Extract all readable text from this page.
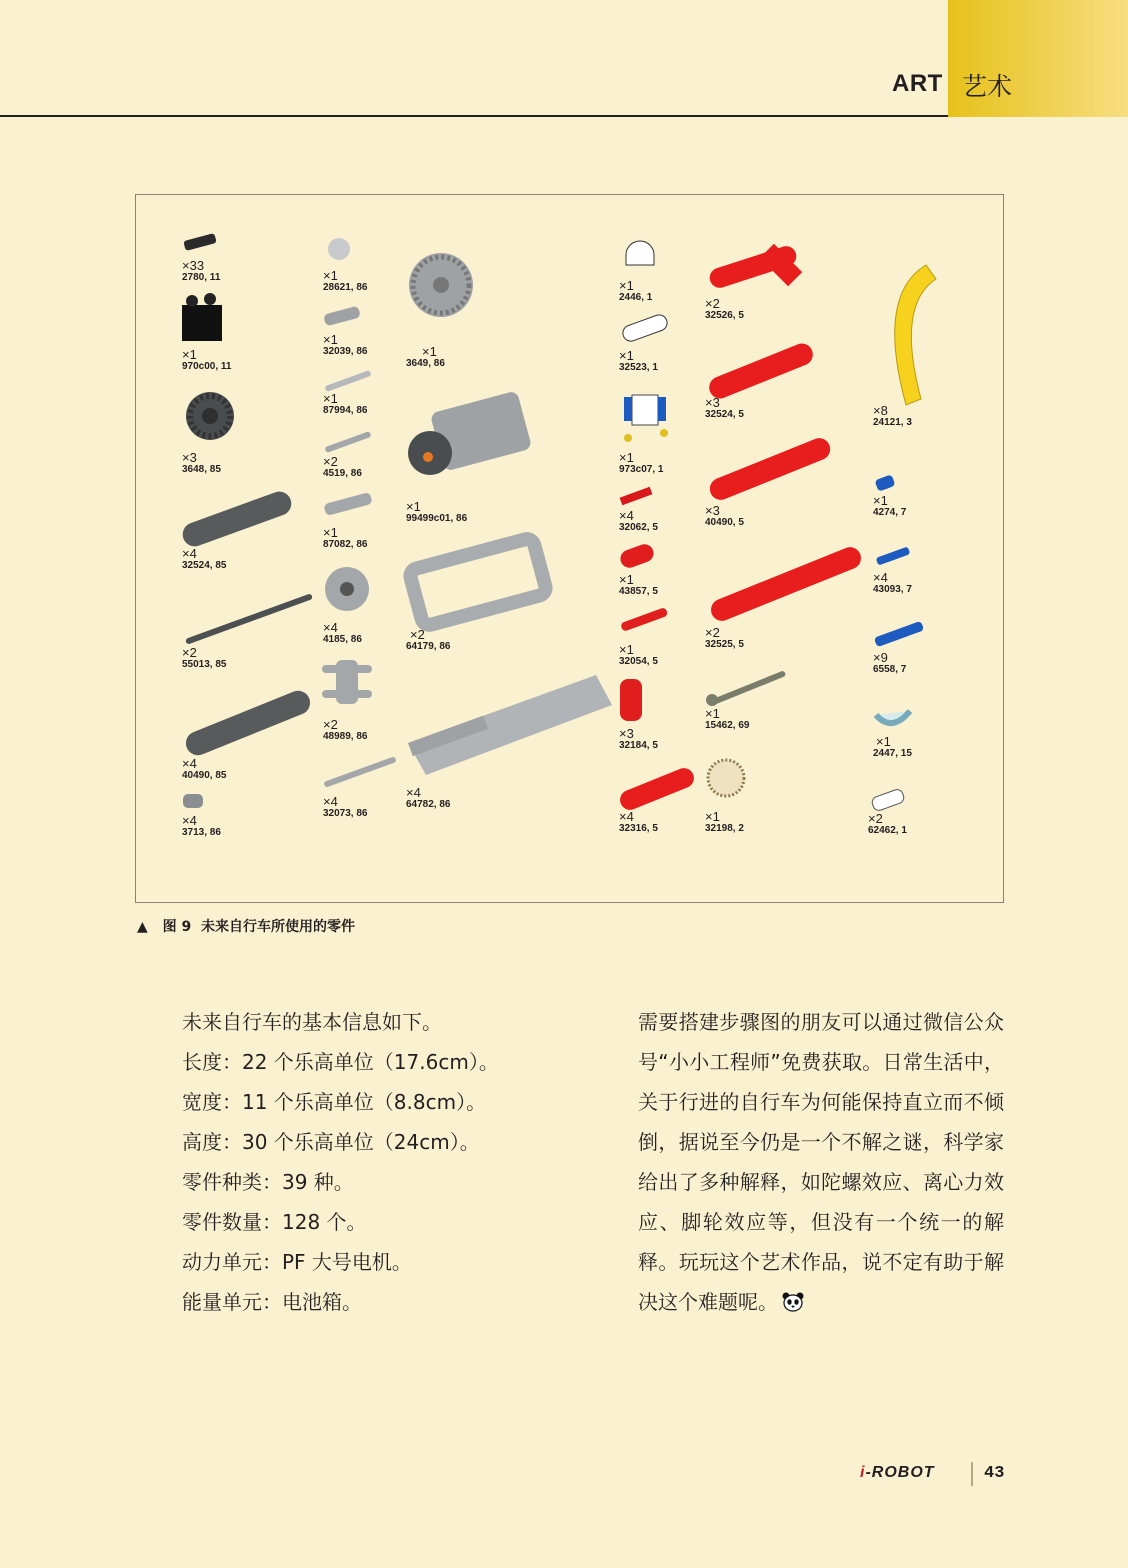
ART 艺术
×33
2780, 11
×1
970c00, 11
×3
3648, 85
×4
32524, 85
×2
55013, 85
×4
40490, 85
×4
3713, 86
×1
28621, 86
×1
32039, 86
×1
87994, 86
×2
4519, 86
×1
87082, 86
×4
4185, 86
×2
48989, 86
×4
32073, 86
×1
3649, 86
×1
99499c01, 86
×2
64179, 86
×4
64782, 86
×1
2446, 1
×1
32523, 1
×1
973c07, 1
×4
32062, 5
×1
43857, 5
×1
32054, 5
×3
32184, 5
×4
32316, 5
×2
32526, 5
×3
32524, 5
×3
40490, 5
×2
32525, 5
×1
15462, 69
×1
32198, 2
×8
24121, 3
×1
4274, 7
×4
43093, 7
×9
6558, 7
×1
2447, 15
×2
62462, 1
▲ 图 9 未来自行车所使用的零件
未来自行车的基本信息如下。
长度：22 个乐高单位（17.6cm）。
宽度：11 个乐高单位（8.8cm）。
高度：30 个乐高单位（24cm）。
零件种类：39 种。
零件数量：128 个。
动力单元：PF 大号电机。
能量单元：电池箱。
需要搭建步骤图的朋友可以通过微信公众号“小小工程师”免费获取。日常生活中，关于行进的自行车为何能保持直立而不倾倒，据说至今仍是一个不解之谜，科学家给出了多种解释，如陀螺效应、离心力效应、脚轮效应等，但没有一个统一的解释。玩玩这个艺术作品，说不定有助于解决这个难题呢。
i-ROBOT	43
